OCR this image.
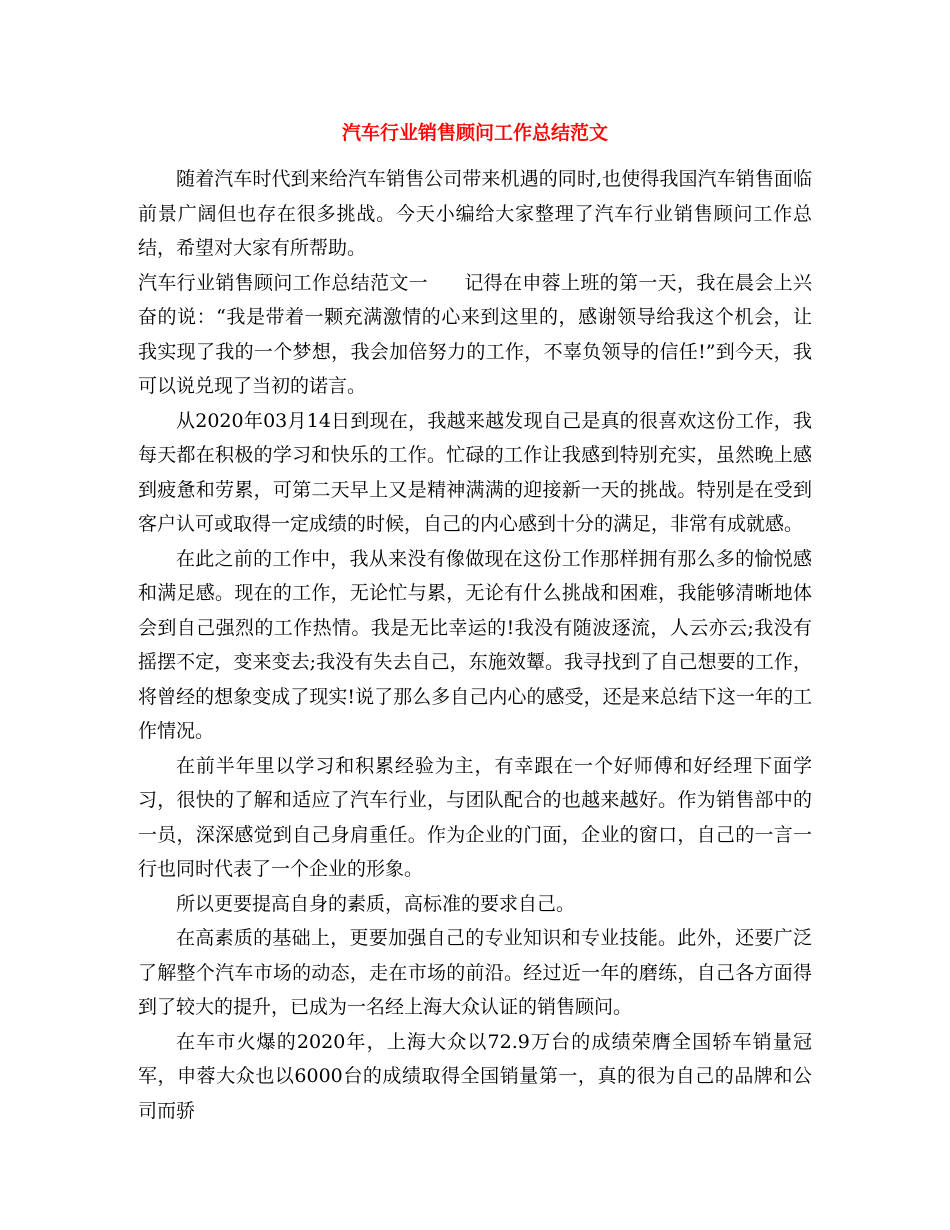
汽车行业销售顾问工作总结范文

随着汽车时代到来给汽车销售公司带来机遇的同时,也使得我国汽车销售面临前景广阔但也存在很多挑战。今天小编给大家整理了汽车行业销售顾问工作总结，希望对大家有所帮助。

汽车行业销售顾问工作总结范文一 记得在申蓉上班的第一天，我在晨会上兴奋的说：“我是带着一颗充满激情的心来到这里的，感谢领导给我这个机会，让我实现了我的一个梦想，我会加倍努力的工作，不辜负领导的信任!”到今天，我可以说兑现了当初的诺言。

从2020年03月14日到现在，我越来越发现自己是真的很喜欢这份工作，我每天都在积极的学习和快乐的工作。忙碌的工作让我感到特别充实，虽然晚上感到疲惫和劳累，可第二天早上又是精神满满的迎接新一天的挑战。特别是在受到客户认可或取得一定成绩的时候，自己的内心感到十分的满足，非常有成就感。

在此之前的工作中，我从来没有像做现在这份工作那样拥有那么多的愉悦感和满足感。现在的工作，无论忙与累，无论有什么挑战和困难，我能够清晰地体会到自己强烈的工作热情。我是无比幸运的!我没有随波逐流，人云亦云;我没有摇摆不定，变来变去;我没有失去自己，东施效颦。我寻找到了自己想要的工作，将曾经的想象变成了现实!说了那么多自己内心的感受，还是来总结下这一年的工作情况。

在前半年里以学习和积累经验为主，有幸跟在一个好师傅和好经理下面学习，很快的了解和适应了汽车行业，与团队配合的也越来越好。作为销售部中的一员，深深感觉到自己身肩重任。作为企业的门面，企业的窗口，自己的一言一行也同时代表了一个企业的形象。

所以更要提高自身的素质，高标准的要求自己。

在高素质的基础上，更要加强自己的专业知识和专业技能。此外，还要广泛了解整个汽车市场的动态，走在市场的前沿。经过近一年的磨练，自己各方面得到了较大的提升，已成为一名经上海大众认证的销售顾问。

在车市火爆的2020年，上海大众以72.9万台的成绩荣膺全国轿车销量冠军，申蓉大众也以6000台的成绩取得全国销量第一，真的很为自己的品牌和公司而骄
